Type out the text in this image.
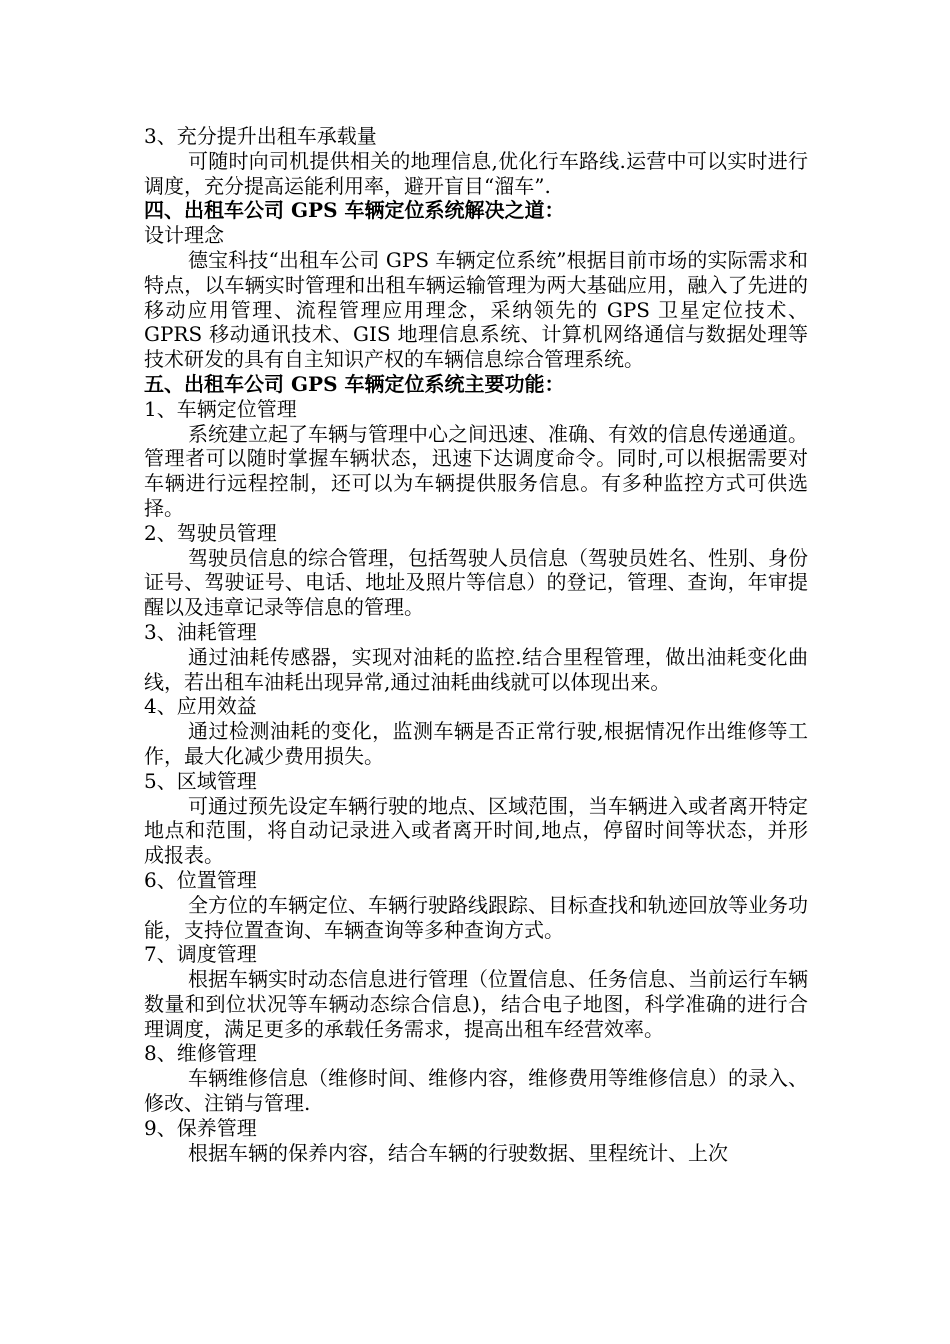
3、充分提升出租车承载量

可随时向司机提供相关的地理信息,优化行车路线.运营中可以实时进行调度，充分提高运能利用率，避开盲目“溜车”.

四、出租车公司 GPS 车辆定位系统解决之道：

设计理念

德宝科技“出租车公司 GPS 车辆定位系统”根据目前市场的实际需求和特点，以车辆实时管理和出租车辆运输管理为两大基础应用，融入了先进的移动应用管理、流程管理应用理念，采纳领先的 GPS 卫星定位技术、GPRS 移动通讯技术、GIS 地理信息系统、计算机网络通信与数据处理等技术研发的具有自主知识产权的车辆信息综合管理系统。

五、出租车公司 GPS 车辆定位系统主要功能：

1、车辆定位管理

系统建立起了车辆与管理中心之间迅速、准确、有效的信息传递通道。管理者可以随时掌握车辆状态，迅速下达调度命令。同时,可以根据需要对车辆进行远程控制，还可以为车辆提供服务信息。有多种监控方式可供选择。

2、驾驶员管理

驾驶员信息的综合管理，包括驾驶人员信息（驾驶员姓名、性别、身份证号、驾驶证号、电话、地址及照片等信息）的登记，管理、查询，年审提醒以及违章记录等信息的管理。

3、油耗管理

通过油耗传感器，实现对油耗的监控.结合里程管理，做出油耗变化曲线，若出租车油耗出现异常,通过油耗曲线就可以体现出来。

4、应用效益

通过检测油耗的变化，监测车辆是否正常行驶,根据情况作出维修等工作，最大化减少费用损失。

5、区域管理

可通过预先设定车辆行驶的地点、区域范围，当车辆进入或者离开特定地点和范围，将自动记录进入或者离开时间,地点，停留时间等状态，并形成报表。

6、位置管理

全方位的车辆定位、车辆行驶路线跟踪、目标查找和轨迹回放等业务功能，支持位置查询、车辆查询等多种查询方式。

7、调度管理

根据车辆实时动态信息进行管理（位置信息、任务信息、当前运行车辆数量和到位状况等车辆动态综合信息)，结合电子地图，科学准确的进行合理调度，满足更多的承载任务需求，提高出租车经营效率。

8、维修管理

车辆维修信息（维修时间、维修内容，维修费用等维修信息）的录入、修改、注销与管理.

9、保养管理

根据车辆的保养内容，结合车辆的行驶数据、里程统计、上次
